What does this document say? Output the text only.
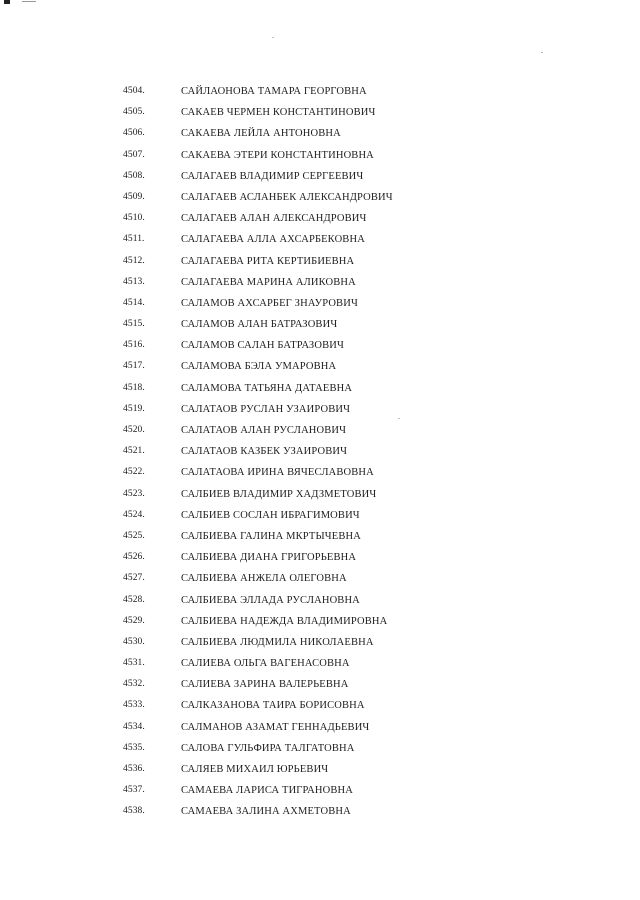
4504.	САЙЛАОНОВА ТАМАРА ГЕОРГОВНА
4505.	САКАЕВ ЧЕРМЕН КОНСТАНТИНОВИЧ
4506.	САКАЕВА ЛЕЙЛА АНТОНОВНА
4507.	САКАЕВА ЭТЕРИ КОНСТАНТИНОВНА
4508.	САЛАГАЕВ ВЛАДИМИР СЕРГЕЕВИЧ
4509.	САЛАГАЕВ АСЛАНБЕК АЛЕКСАНДРОВИЧ
4510.	САЛАГАЕВ АЛАН АЛЕКСАНДРОВИЧ
4511.	САЛАГАЕВА АЛЛА АХСАРБЕКОВНА
4512.	САЛАГАЕВА РИТА КЕРТИБИЕВНА
4513.	САЛАГАЕВА МАРИНА АЛИКОВНА
4514.	САЛАМОВ АХСАРБЕГ ЗНАУРОВИЧ
4515.	САЛАМОВ АЛАН БАТРАЗОВИЧ
4516.	САЛАМОВ САЛАН БАТРАЗОВИЧ
4517.	САЛАМОВА БЭЛА УМАРОВНА
4518.	САЛАМОВА ТАТЬЯНА ДАТАЕВНА
4519.	САЛАТАОВ РУСЛАН УЗАИРОВИЧ
4520.	САЛАТАОВ АЛАН РУСЛАНОВИЧ
4521.	САЛАТАОВ КАЗБЕК УЗАИРОВИЧ
4522.	САЛАТАОВА ИРИНА ВЯЧЕСЛАВОВНА
4523.	САЛБИЕВ ВЛАДИМИР ХАДЗМЕТОВИЧ
4524.	САЛБИЕВ СОСЛАН ИБРАГИМОВИЧ
4525.	САЛБИЕВА ГАЛИНА МКРТЫЧЕВНА
4526.	САЛБИЕВА ДИАНА ГРИГОРЬЕВНА
4527.	САЛБИЕВА АНЖЕЛА ОЛЕГОВНА
4528.	САЛБИЕВА ЭЛЛАДА РУСЛАНОВНА
4529.	САЛБИЕВА НАДЕЖДА ВЛАДИМИРОВНА
4530.	САЛБИЕВА ЛЮДМИЛА НИКОЛАЕВНА
4531.	САЛИЕВА ОЛЬГА ВАГЕНАСОВНА
4532.	САЛИЕВА ЗАРИНА ВАЛЕРЬЕВНА
4533.	САЛКАЗАНОВА ТАИРА БОРИСОВНА
4534.	САЛМАНОВ АЗАМАТ ГЕННАДЬЕВИЧ
4535.	САЛОВА ГУЛЬФИРА ТАЛГАТОВНА
4536.	САЛЯЕВ МИХАИЛ ЮРЬЕВИЧ
4537.	САМАЕВА ЛАРИСА ТИГРАНОВНА
4538.	САМАЕВА ЗАЛИНА АХМЕТОВНА
